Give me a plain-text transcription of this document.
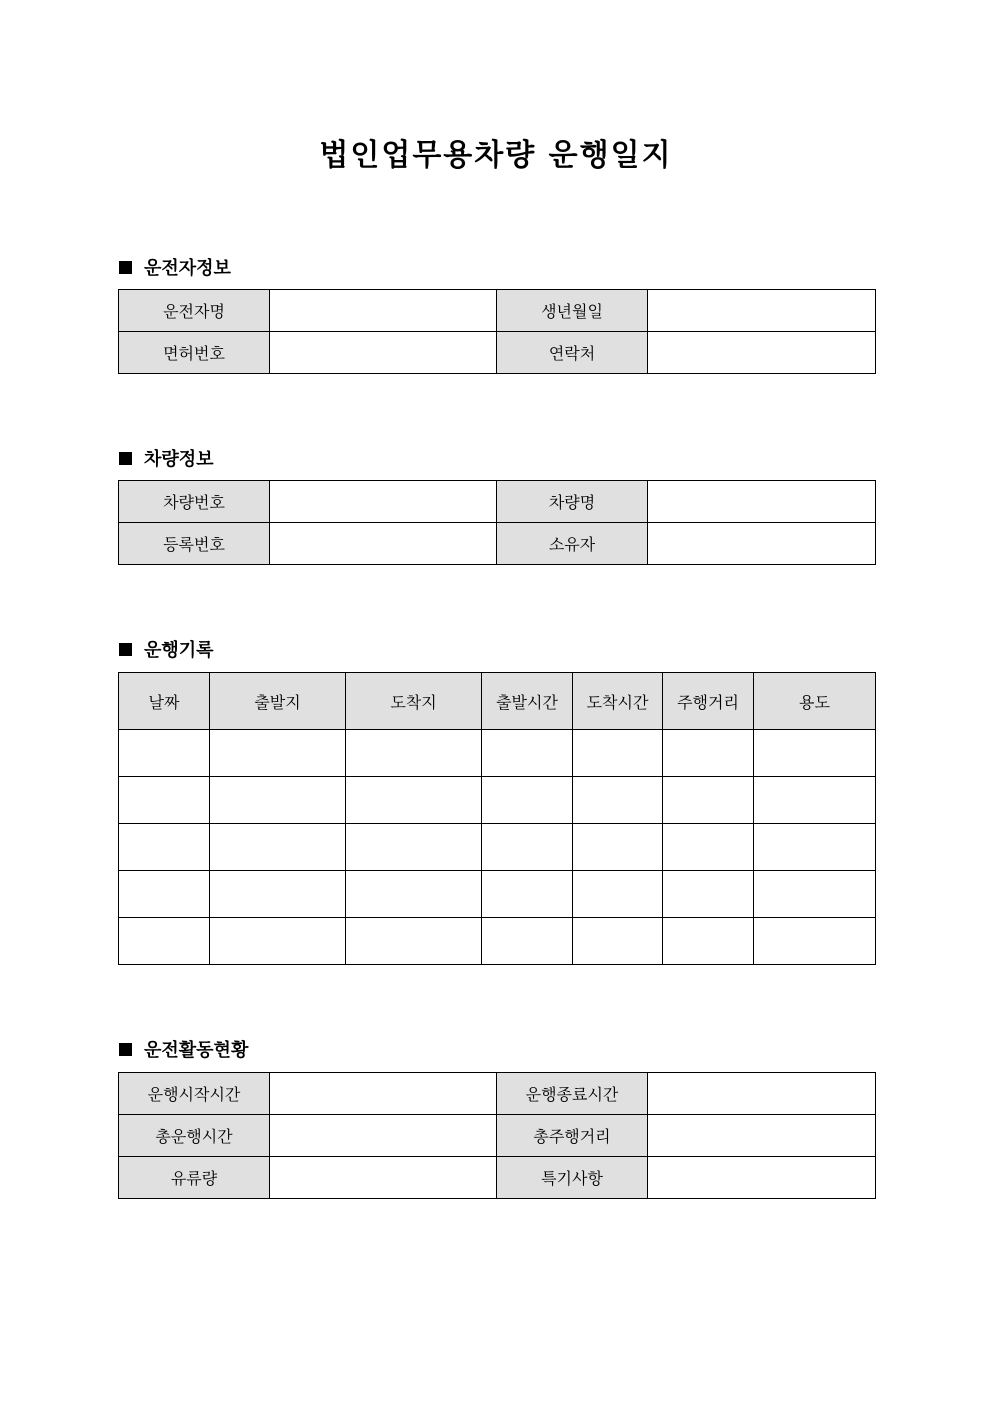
법인업무용차량 운행일지
운전자정보
운전자명		생년월일	
면허번호		연락처	
차량정보
차량번호		차량명	
등록번호		소유자	
운행기록
날짜	출발지	도착지	출발시간	도착시간	주행거리	용도

운전활동현황
운행시작시간		운행종료시간	
총운행시간		총주행거리	
유류량		특기사항	
